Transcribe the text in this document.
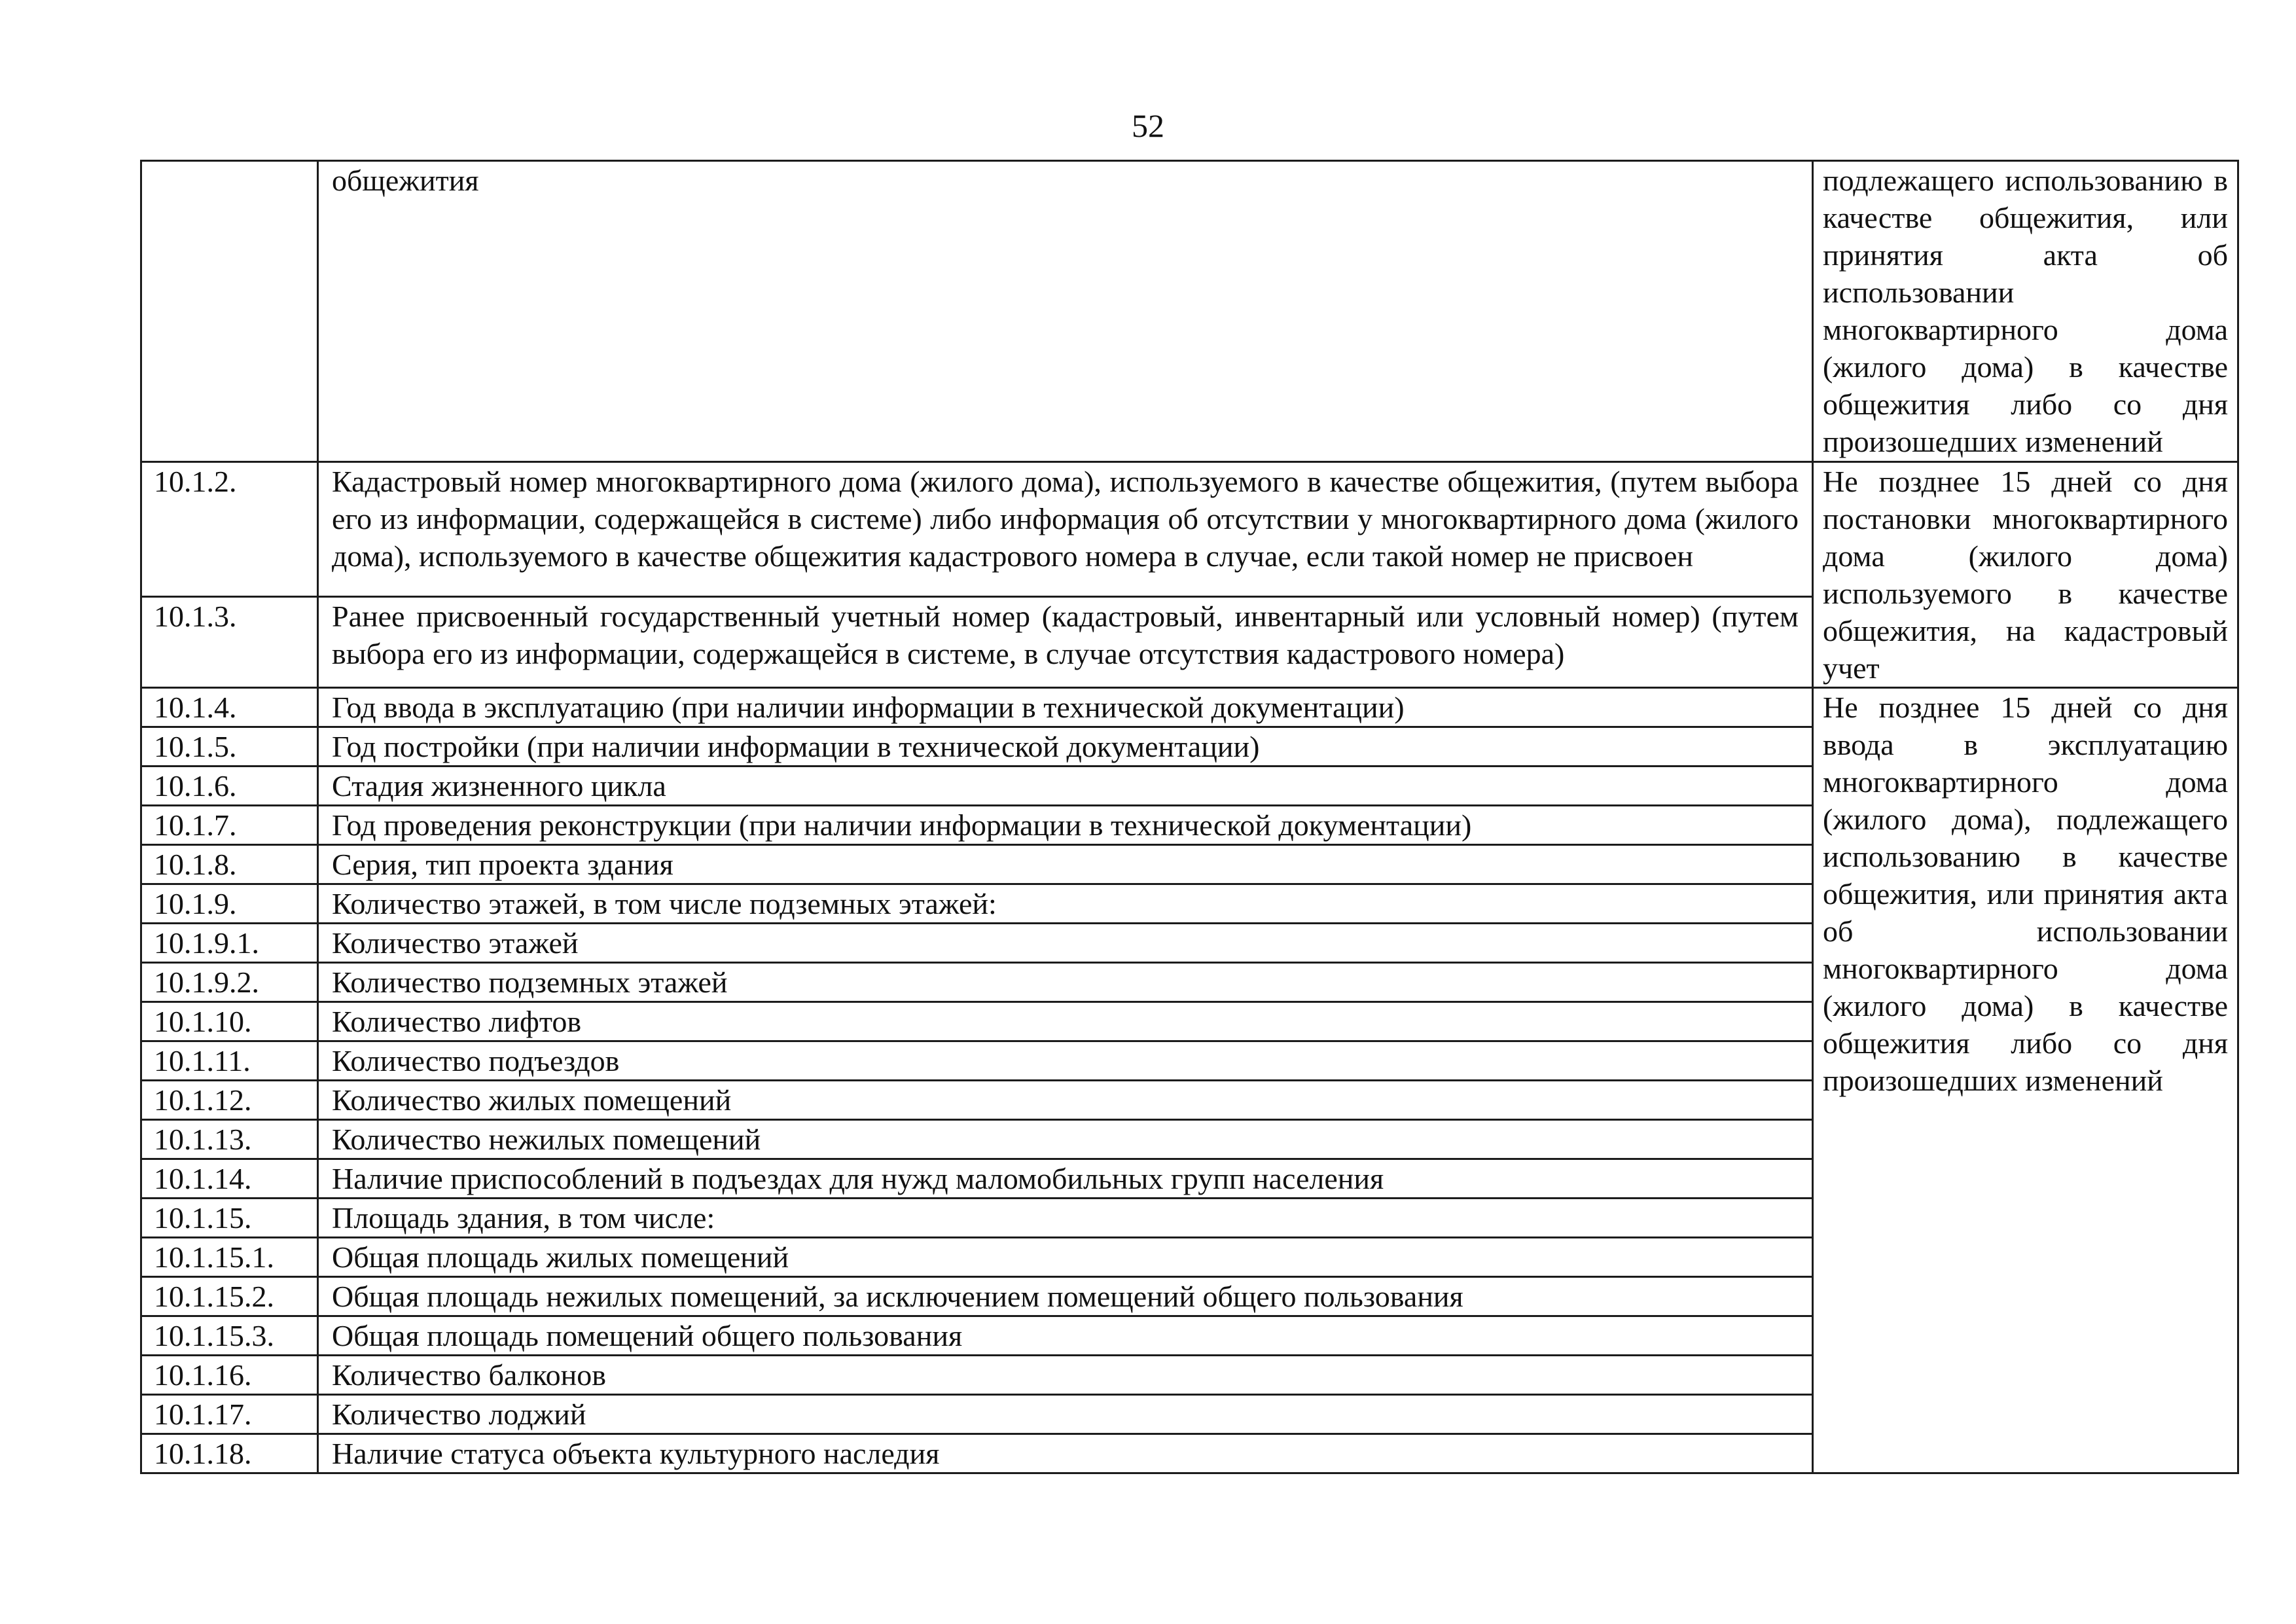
52
	общежития	подлежащего использованию в качестве общежития, или принятия акта об использовании многоквартирного дома (жилого дома) в качестве общежития либо со дня произошедших изменений
10.1.2.	Кадастровый номер многоквартирного дома (жилого дома), используемого в качестве общежития, (путем выбора его из информации, содержащейся в системе) либо информация об отсутствии у многоквартирного дома (жилого дома), используемого в качестве общежития кадастрового номера в случае, если такой номер не присвоен	Не позднее 15 дней со дня постановки многоквартирного дома (жилого дома) используемого в качестве общежития, на кадастровый учет
10.1.3.	Ранее присвоенный государственный учетный номер (кадастровый, инвентарный или условный номер) (путем выбора его из информации, содержащейся в системе, в случае отсутствия кадастрового номера)	
10.1.4.	Год ввода в эксплуатацию (при наличии информации в технической документации)	Не позднее 15 дней со дня ввода в эксплуатацию многоквартирного дома (жилого дома), подлежащего использованию в качестве общежития, или принятия акта об использовании многоквартирного дома (жилого дома) в качестве общежития либо со дня произошедших изменений
10.1.5.	Год постройки (при наличии информации в технической документации)	
10.1.6.	Стадия жизненного цикла	
10.1.7.	Год проведения реконструкции (при наличии информации в технической документации)	
10.1.8.	Серия, тип проекта здания	
10.1.9.	Количество этажей, в том числе подземных этажей:	
10.1.9.1.	Количество этажей	
10.1.9.2.	Количество подземных этажей	
10.1.10.	Количество лифтов	
10.1.11.	Количество подъездов	
10.1.12.	Количество жилых помещений	
10.1.13.	Количество нежилых помещений	
10.1.14.	Наличие приспособлений в подъездах для нужд маломобильных групп населения	
10.1.15.	Площадь здания, в том числе:	
10.1.15.1.	Общая площадь жилых помещений	
10.1.15.2.	Общая площадь нежилых помещений, за исключением помещений общего пользования	
10.1.15.3.	Общая площадь помещений общего пользования	
10.1.16.	Количество балконов	
10.1.17.	Количество лоджий	
10.1.18.	Наличие статуса объекта культурного наследия	
